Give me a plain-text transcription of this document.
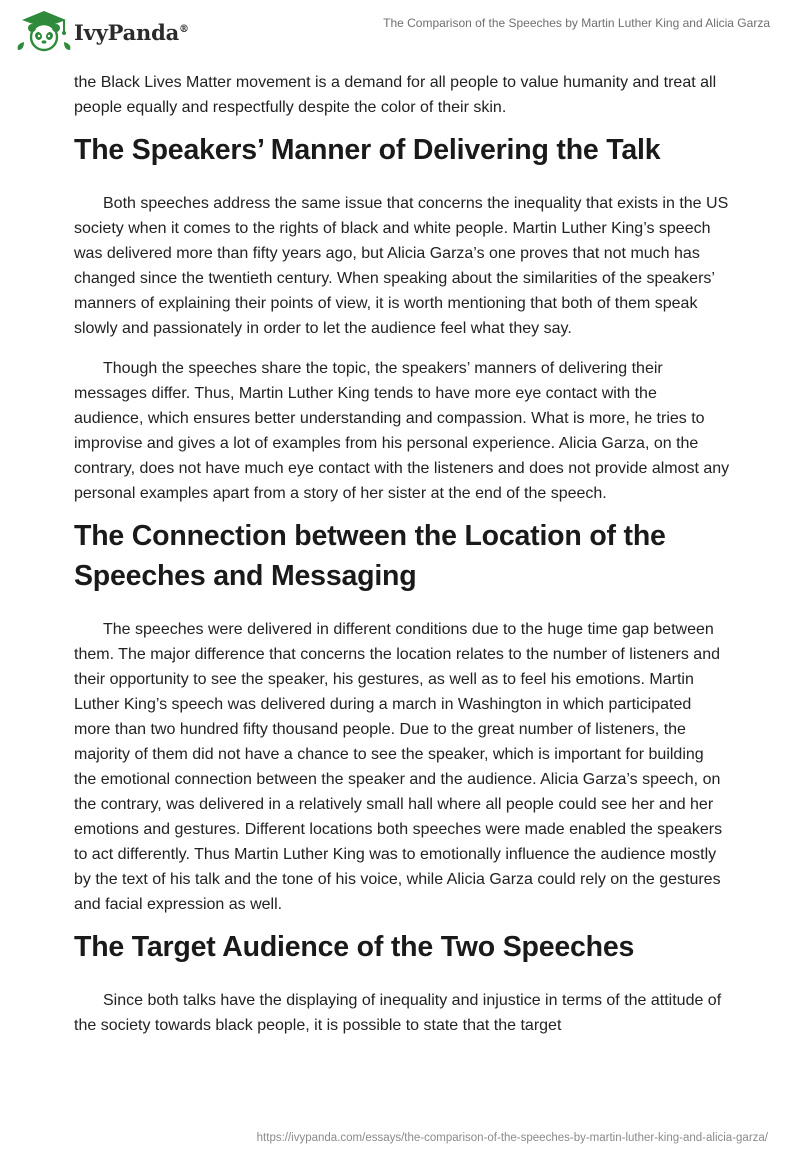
IvyPanda®	The Comparison of the Speeches by Martin Luther King and Alicia Garza

the Black Lives Matter movement is a demand for all people to value humanity and treat all people equally and respectfully despite the color of their skin.

The Speakers’ Manner of Delivering the Talk

Both speeches address the same issue that concerns the inequality that exists in the US society when it comes to the rights of black and white people. Martin Luther King’s speech was delivered more than fifty years ago, but Alicia Garza’s one proves that not much has changed since the twentieth century. When speaking about the similarities of the speakers’ manners of explaining their points of view, it is worth mentioning that both of them speak slowly and passionately in order to let the audience feel what they say.

Though the speeches share the topic, the speakers’ manners of delivering their messages differ. Thus, Martin Luther King tends to have more eye contact with the audience, which ensures better understanding and compassion. What is more, he tries to improvise and gives a lot of examples from his personal experience. Alicia Garza, on the contrary, does not have much eye contact with the listeners and does not provide almost any personal examples apart from a story of her sister at the end of the speech.

The Connection between the Location of the Speeches and Messaging

The speeches were delivered in different conditions due to the huge time gap between them. The major difference that concerns the location relates to the number of listeners and their opportunity to see the speaker, his gestures, as well as to feel his emotions. Martin Luther King’s speech was delivered during a march in Washington in which participated more than two hundred fifty thousand people. Due to the great number of listeners, the majority of them did not have a chance to see the speaker, which is important for building the emotional connection between the speaker and the audience. Alicia Garza’s speech, on the contrary, was delivered in a relatively small hall where all people could see her and her emotions and gestures. Different locations both speeches were made enabled the speakers to act differently. Thus Martin Luther King was to emotionally influence the audience mostly by the text of his talk and the tone of his voice, while Alicia Garza could rely on the gestures and facial expression as well.

The Target Audience of the Two Speeches

Since both talks have the displaying of inequality and injustice in terms of the attitude of the society towards black people, it is possible to state that the target

https://ivypanda.com/essays/the-comparison-of-the-speeches-by-martin-luther-king-and-alicia-garza/
